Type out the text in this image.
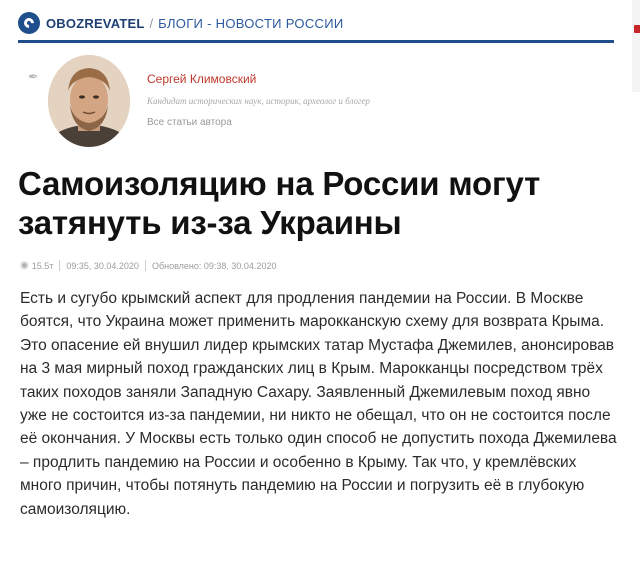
OBOZREVATEL / БЛОГИ - НОВОСТИ РОССИИ
✒	Сергей Климовский
Кандидат исторических наук, историк, археолог и блогер
Все статьи автора
Самоизоляцию на России могут затянуть из-за Украины
◉ 15.5т 09:35, 30.04.2020 Обновлено: 09:38, 30.04.2020

Есть и сугубо крымский аспект для продления пандемии на России. В Москве боятся, что Украина может применить марокканскую схему для возврата Крыма. Это опасение ей внушил лидер крымских татар Мустафа Джемилев, анонсировав на 3 мая мирный поход гражданских лиц в Крым. Марокканцы посредством трёх таких походов заняли Западную Сахару. Заявленный Джемилевым поход явно уже не состоится из-за пандемии, ни никто не обещал, что он не состоится после её окончания. У Москвы есть только один способ не допустить похода Джемилева – продлить пандемию на России и особенно в Крыму. Так что, у кремлёвских много причин, чтобы потянуть пандемию на России и погрузить её в глубокую самоизоляцию.
